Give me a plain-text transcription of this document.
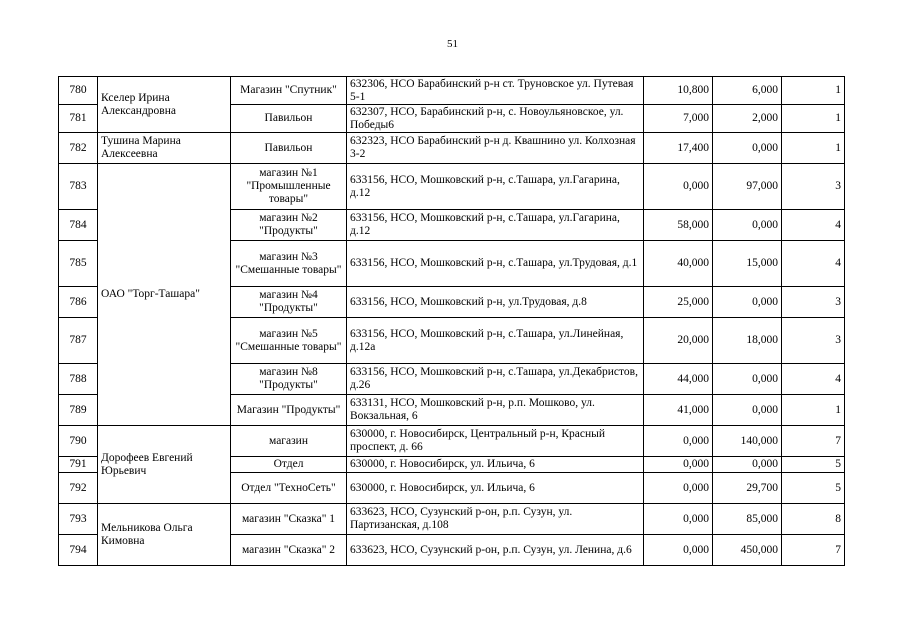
51
780	Кселер Ирина Александровна	Магазин "Спутник"	632306, НСО Барабинский р-н ст. Труновское ул. Путевая 5-1	10,800	6,000	1
781		Павильон	632307, НСО, Барабинский р-н, с. Новоульяновское, ул. Победы6	7,000	2,000	1
782	Тушина Марина Алексеевна	Павильон	632323, НСО Барабинский р-н д. Квашнино ул. Колхозная 3-2	17,400	0,000	1
783	ОАО "Торг-Ташара"	магазин №1 "Промышленные товары"	633156, НСО, Мошковский р-н, с.Ташара, ул.Гагарина, д.12	0,000	97,000	3
784		магазин №2 "Продукты"	633156, НСО, Мошковский р-н, с.Ташара, ул.Гагарина, д.12	58,000	0,000	4
785		магазин №3 "Смешанные товары"	633156, НСО, Мошковский р-н, с.Ташара, ул.Трудовая, д.1	40,000	15,000	4
786		магазин №4 "Продукты"	633156, НСО, Мошковский р-н, ул.Трудовая, д.8	25,000	0,000	3
787		магазин №5 "Смешанные товары"	633156, НСО, Мошковский р-н, с.Ташара, ул.Линейная, д.12а	20,000	18,000	3
788		магазин №8 "Продукты"	633156, НСО, Мошковский р-н, с.Ташара, ул.Декабристов, д.26	44,000	0,000	4
789		Магазин "Продукты"	633131, НСО, Мошковский р-н, р.п. Мошково, ул. Вокзальная, 6	41,000	0,000	1
790	Дорофеев Евгений Юрьевич	магазин	630000, г. Новосибирск, Центральный р-н, Красный проспект, д. 66	0,000	140,000	7
791		Отдел	630000, г. Новосибирск, ул. Ильича, 6	0,000	0,000	5
792		Отдел "ТехноСеть"	630000, г. Новосибирск, ул. Ильича, 6	0,000	29,700	5
793	Мельникова Ольга Кимовна	магазин "Сказка" 1	633623, НСО, Сузунский р-он, р.п. Сузун, ул. Партизанская, д.108	0,000	85,000	8
794		магазин "Сказка" 2	633623, НСО, Сузунский р-он, р.п. Сузун, ул. Ленина, д.6	0,000	450,000	7
